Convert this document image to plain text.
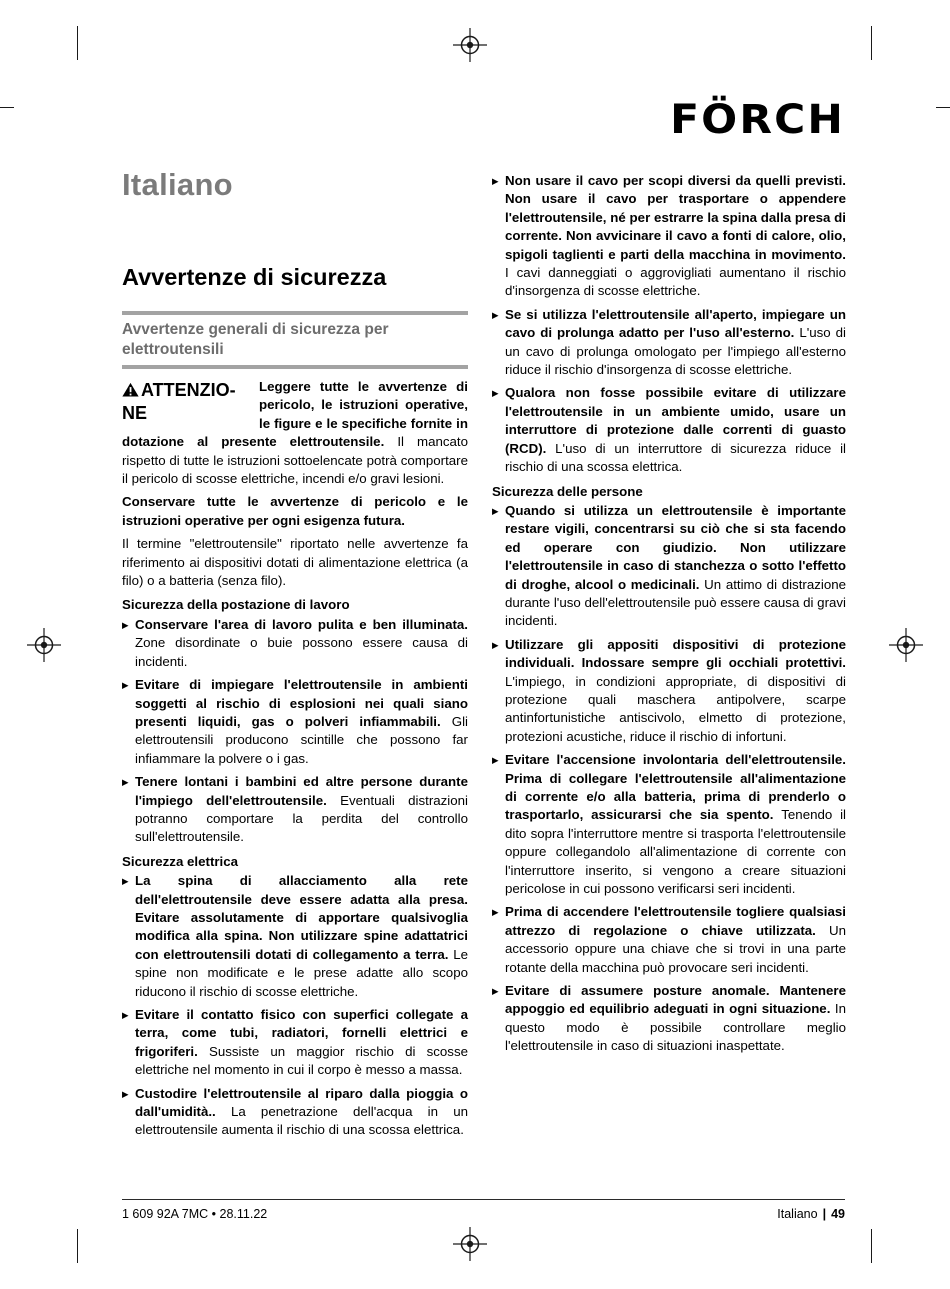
FÖRCH
Italiano
Avvertenze di sicurezza
Avvertenze generali di sicurezza per elettroutensili
ATTENZIO-
NE
Leggere tutte le avvertenze di pericolo, le istruzioni operative, le figure e le specifiche fornite in dotazione al presente elettroutensile. Il mancato rispetto di tutte le istruzioni sottoelencate potrà comportare il pericolo di scosse elettriche, incendi e/o gravi lesioni.
Conservare tutte le avvertenze di pericolo e le istruzioni operative per ogni esigenza futura.
Il termine "elettroutensile" riportato nelle avvertenze fa riferimento ai dispositivi dotati di alimentazione elettrica (a filo) o a batteria (senza filo).
Sicurezza della postazione di lavoro
▶ Conservare l'area di lavoro pulita e ben illuminata. Zone disordinate o buie possono essere causa di incidenti.
▶ Evitare di impiegare l'elettroutensile in ambienti soggetti al rischio di esplosioni nei quali siano presenti liquidi, gas o polveri infiammabili. Gli elettroutensili producono scintille che possono far infiammare la polvere o i gas.
▶ Tenere lontani i bambini ed altre persone durante l'impiego dell'elettroutensile. Eventuali distrazioni potranno comportare la perdita del controllo sull'elettroutensile.
Sicurezza elettrica
▶ La spina di allacciamento alla rete dell'elettroutensile deve essere adatta alla presa. Evitare assolutamente di apportare qualsivoglia modifica alla spina. Non utilizzare spine adattatrici con elettroutensili dotati di collegamento a terra. Le spine non modificate e le prese adatte allo scopo riducono il rischio di scosse elettriche.
▶ Evitare il contatto fisico con superfici collegate a terra, come tubi, radiatori, fornelli elettrici e frigoriferi. Sussiste un maggior rischio di scosse elettriche nel momento in cui il corpo è messo a massa.
▶ Custodire l'elettroutensile al riparo dalla pioggia o dall'umidità.. La penetrazione dell'acqua in un elettroutensile aumenta il rischio di una scossa elettrica.
▶ Non usare il cavo per scopi diversi da quelli previsti. Non usare il cavo per trasportare o appendere l'elettroutensile, né per estrarre la spina dalla presa di corrente. Non avvicinare il cavo a fonti di calore, olio, spigoli taglienti e parti della macchina in movimento. I cavi danneggiati o aggrovigliati aumentano il rischio d'insorgenza di scosse elettriche.
▶ Se si utilizza l'elettroutensile all'aperto, impiegare un cavo di prolunga adatto per l'uso all'esterno. L'uso di un cavo di prolunga omologato per l'impiego all'esterno riduce il rischio d'insorgenza di scosse elettriche.
▶ Qualora non fosse possibile evitare di utilizzare l'elettroutensile in un ambiente umido, usare un interruttore di protezione dalle correnti di guasto (RCD). L'uso di un interruttore di sicurezza riduce il rischio di una scossa elettrica.
Sicurezza delle persone
▶ Quando si utilizza un elettroutensile è importante restare vigili, concentrarsi su ciò che si sta facendo ed operare con giudizio. Non utilizzare l'elettroutensile in caso di stanchezza o sotto l'effetto di droghe, alcool o medicinali. Un attimo di distrazione durante l'uso dell'elettroutensile può essere causa di gravi incidenti.
▶ Utilizzare gli appositi dispositivi di protezione individuali. Indossare sempre gli occhiali protettivi. L'impiego, in condizioni appropriate, di dispositivi di protezione quali maschera antipolvere, scarpe antinfortunistiche antiscivolo, elmetto di protezione, protezioni acustiche, riduce il rischio di infortuni.
▶ Evitare l'accensione involontaria dell'elettroutensile. Prima di collegare l'elettroutensile all'alimentazione di corrente e/o alla batteria, prima di prenderlo o trasportarlo, assicurarsi che sia spento. Tenendo il dito sopra l'interruttore mentre si trasporta l'elettroutensile oppure collegandolo all'alimentazione di corrente con l'interruttore inserito, si vengono a creare situazioni pericolose in cui possono verificarsi seri incidenti.
▶ Prima di accendere l'elettroutensile togliere qualsiasi attrezzo di regolazione o chiave utilizzata. Un accessorio oppure una chiave che si trovi in una parte rotante della macchina può provocare seri incidenti.
▶ Evitare di assumere posture anomale. Mantenere appoggio ed equilibrio adeguati in ogni situazione. In questo modo è possibile controllare meglio l'elettroutensile in caso di situazioni inaspettate.
1 609 92A 7MC • 28.11.22	Italiano | 49
